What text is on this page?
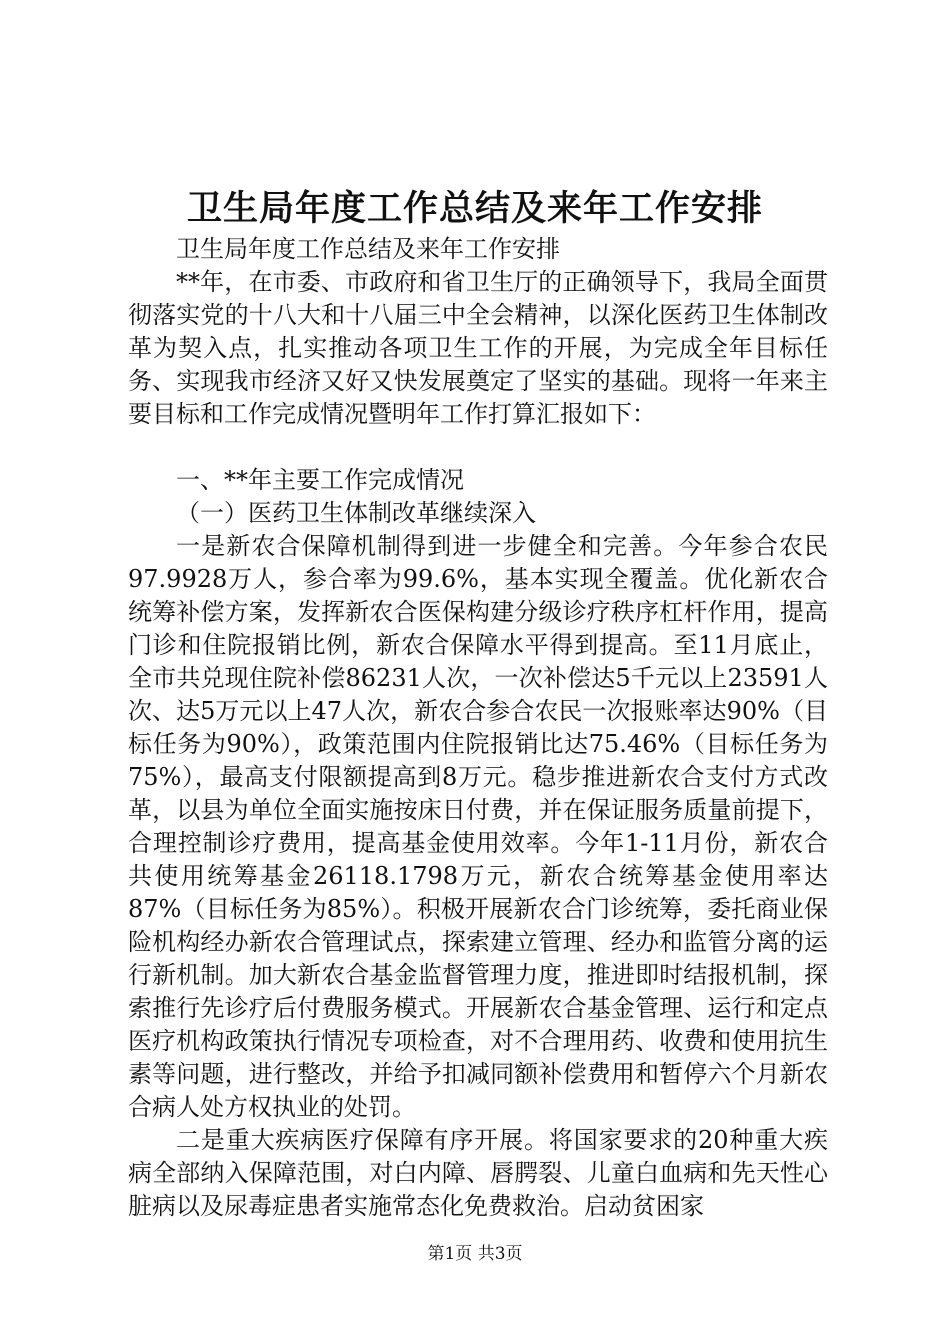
卫生局年度工作总结及来年工作安排

卫生局年度工作总结及来年工作安排

**年，在市委、市政府和省卫生厅的正确领导下，我局全面贯彻落实党的十八大和十八届三中全会精神，以深化医药卫生体制改革为契入点，扎实推动各项卫生工作的开展，为完成全年目标任务、实现我市经济又好又快发展奠定了坚实的基础。现将一年来主要目标和工作完成情况暨明年工作打算汇报如下：

一、**年主要工作完成情况

（一）医药卫生体制改革继续深入

一是新农合保障机制得到进一步健全和完善。今年参合农民97.9928万人，参合率为99.6%，基本实现全覆盖。优化新农合统筹补偿方案，发挥新农合医保构建分级诊疗秩序杠杆作用，提高门诊和住院报销比例，新农合保障水平得到提高。至11月底止，全市共兑现住院补偿86231人次，一次补偿达5千元以上23591人次、达5万元以上47人次，新农合参合农民一次报账率达90%（目标任务为90%），政策范围内住院报销比达75.46%（目标任务为75%），最高支付限额提高到8万元。稳步推进新农合支付方式改革，以县为单位全面实施按床日付费，并在保证服务质量前提下，合理控制诊疗费用，提高基金使用效率。今年1-11月份，新农合共使用统筹基金26118.1798万元，新农合统筹基金使用率达87%（目标任务为85%）。积极开展新农合门诊统筹，委托商业保险机构经办新农合管理试点，探索建立管理、经办和监管分离的运行新机制。加大新农合基金监督管理力度，推进即时结报机制，探索推行先诊疗后付费服务模式。开展新农合基金管理、运行和定点医疗机构政策执行情况专项检查，对不合理用药、收费和使用抗生素等问题，进行整改，并给予扣减同额补偿费用和暂停六个月新农合病人处方权执业的处罚。

二是重大疾病医疗保障有序开展。将国家要求的20种重大疾病全部纳入保障范围，对白内障、唇腭裂、儿童白血病和先天性心脏病以及尿毒症患者实施常态化免费救治。启动贫困家

第1页 共3页
